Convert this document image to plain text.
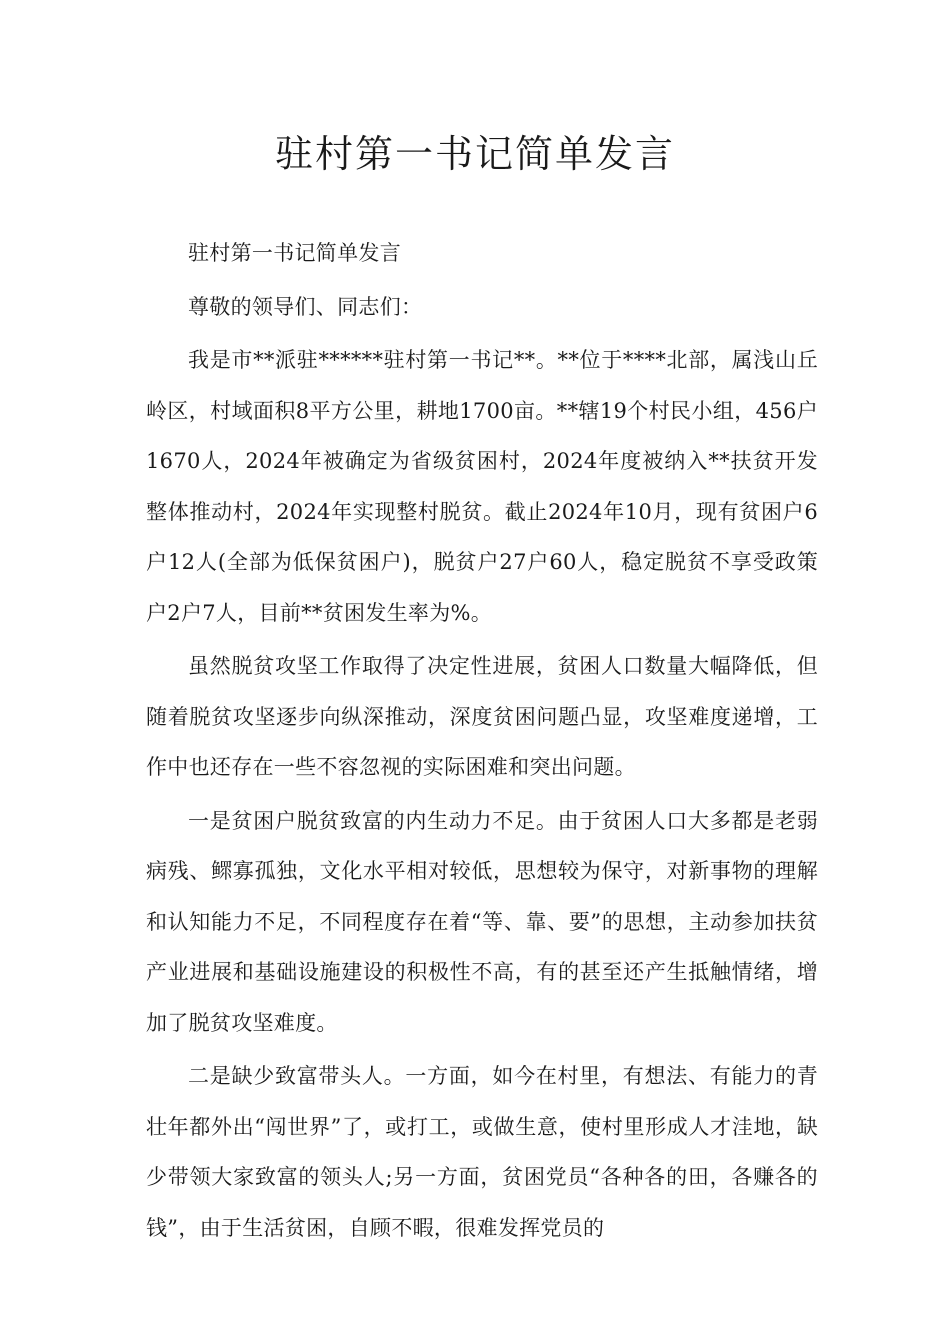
驻村第一书记简单发言

驻村第一书记简单发言

尊敬的领导们、同志们：

我是市**派驻******驻村第一书记**。**位于****北部，属浅山丘岭区，村域面积8平方公里，耕地1700亩。**辖19个村民小组，456户1670人，2024年被确定为省级贫困村，2024年度被纳入**扶贫开发整体推动村，2024年实现整村脱贫。截止2024年10月，现有贫困户6户12人(全部为低保贫困户)，脱贫户27户60人，稳定脱贫不享受政策户2户7人，目前**贫困发生率为%。

虽然脱贫攻坚工作取得了决定性进展，贫困人口数量大幅降低，但随着脱贫攻坚逐步向纵深推动，深度贫困问题凸显，攻坚难度递增，工作中也还存在一些不容忽视的实际困难和突出问题。

一是贫困户脱贫致富的内生动力不足。由于贫困人口大多都是老弱病残、鳏寡孤独，文化水平相对较低，思想较为保守，对新事物的理解和认知能力不足，不同程度存在着“等、靠、要”的思想，主动参加扶贫产业进展和基础设施建设的积极性不高，有的甚至还产生抵触情绪，增加了脱贫攻坚难度。

二是缺少致富带头人。一方面，如今在村里，有想法、有能力的青壮年都外出“闯世界”了，或打工，或做生意，使村里形成人才洼地，缺少带领大家致富的领头人;另一方面，贫困党员“各种各的田，各赚各的钱”，由于生活贫困，自顾不暇，很难发挥党员的
